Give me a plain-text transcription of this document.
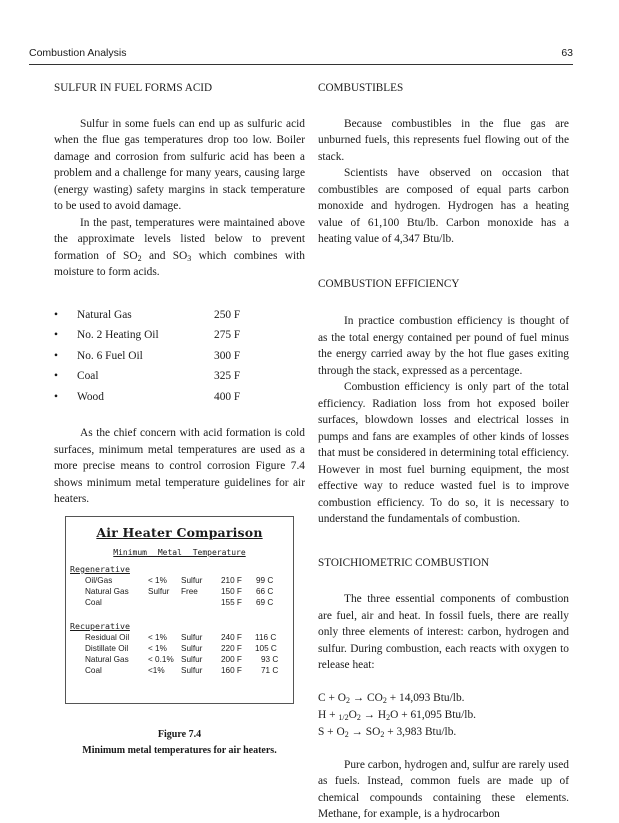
Combustion Analysis	63
SULFUR IN FUEL FORMS ACID

Sulfur in some fuels can end up as sulfuric acid when the flue gas temperatures drop too low. Boiler damage and corrosion from sulfuric acid has been a problem and a challenge for many years, causing large (energy wasting) safety margins in stack temperature to be used to avoid damage.

In the past, temperatures were maintained above the approximate levels listed below to prevent formation of $SO_2$ and $SO_3$ which combines with moisture to form acids.

• Natural Gas	250 F
• No. 2 Heating Oil	275 F
• No. 6 Fuel Oil	300 F
• Coal	325 F
• Wood	400 F

As the chief concern with acid formation is cold surfaces, minimum metal temperatures are used as a more precise means to control corrosion Figure 7.4 shows minimum metal temperature guidelines for air heaters.

Air Heater Comparison
Minimum Metal Temperature
Regenerative
Oil/Gas	< 1% Sulfur 210 F 99 C
Natural Gas Sulfur Free	150 F 66 C
Coal	155 F 69 C
Recuperative
Residual Oil < 1% Sulfur 240 F 116 C
Distillate Oil < 1% Sulfur 220 F 105 C
Natural Gas < 0.1% Sulfur 200 F 93 C
Coal	<1% Sulfur 160 F 71 C
Figure 7.4
Minimum metal temperatures for air heaters.
COMBUSTIBLES

Because combustibles in the flue gas are unburned fuels, this represents fuel flowing out of the stack.

Scientists have observed on occasion that combustibles are composed of equal parts carbon monoxide and hydrogen. Hydrogen has a heating value of 61,100 Btu/lb. Carbon monoxide has a heating value of 4,347 Btu/lb.

COMBUSTION EFFICIENCY

In practice combustion efficiency is thought of as the total energy contained per pound of fuel minus the energy carried away by the hot flue gases exiting through the stack, expressed as a percentage.

Combustion efficiency is only part of the total efficiency. Radiation loss from hot exposed boiler surfaces, blowdown losses and electrical losses in pumps and fans are examples of other kinds of losses that must be considered in determining total efficiency. However in most fuel burning equipment, the most effective way to reduce wasted fuel is to improve combustion efficiency. To do so, it is necessary to understand the fundamentals of combustion.

STOICHIOMETRIC COMBUSTION

The three essential components of combustion are fuel, air and heat. In fossil fuels, there are really only three elements of interest: carbon, hydrogen and sulfur. During combustion, each reacts with oxygen to release heat:

$C + O_2 \to CO_2 + 14,093$ Btu/lb.

$H + _{1/2}O_2 \to H_2O + 61,095$ Btu/lb.

$S + O_2 \to SO_2 + 3,983$ Btu/lb.

Pure carbon, hydrogen and, sulfur are rarely used as fuels. Instead, common fuels are made up of chemical compounds containing these elements. Methane, for example, is a hydrocarbon
